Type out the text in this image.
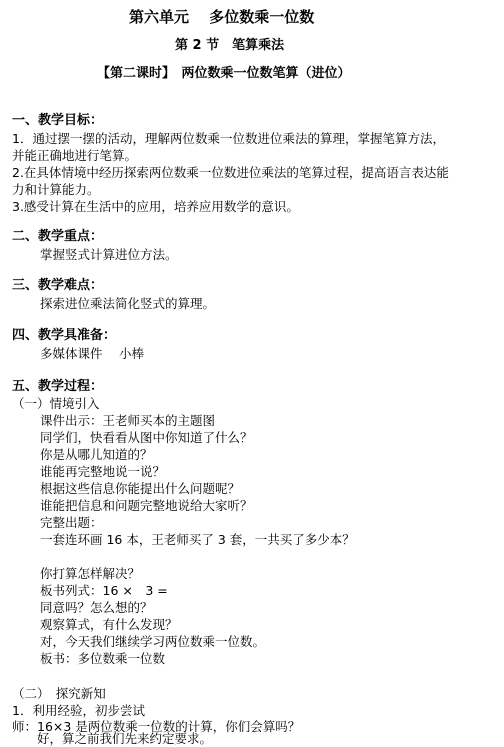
第六单元　 多位数乘一位数
第 2 节　笔算乘法
【第二课时】　两位数乘一位数笔算（进位）
一、教学目标：
1．通过摆一摆的活动，理解两位数乘一位数进位乘法的算理，掌握笔算方法，
并能正确地进行笔算。
2.在具体情境中经历探索两位数乘一位数进位乘法的笔算过程，提高语言表达能
力和计算能力。
3.感受计算在生活中的应用，培养应用数学的意识。
二、教学重点：
掌握竖式计算进位方法。
三、教学难点：
探索进位乘法简化竖式的算理。
四、教学具准备：
多媒体课件　 小棒
五、教学过程：
（一）情境引入
课件出示：王老师买本的主题图
同学们，快看看从图中你知道了什么？
你是从哪儿知道的？
谁能再完整地说一说？
根据这些信息你能提出什么问题呢？
谁能把信息和问题完整地说给大家听？
完整出题：
一套连环画 16 本，王老师买了 3 套，一共买了多少本？
你打算怎样解决？
板书列式：16 ×　3 =
同意吗？怎么想的？
观察算式，有什么发现？
对，今天我们继续学习两位数乘一位数。
板书：多位数乘一位数
（二）　探究新知
1．利用经验，初步尝试
师：16×3 是两位数乘一位数的计算，你们会算吗？
　　好，算之前我们先来约定要求。
